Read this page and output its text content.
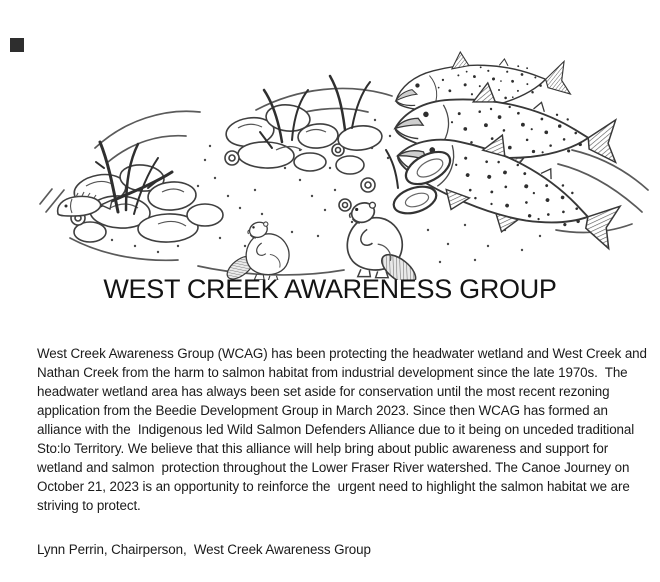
WEST CREEK AWARENESS GROUP
West Creek Awareness Group (WCAG) has been protecting the headwater wetland and West Creek and
Nathan Creek from the harm to salmon habitat from industrial development since the late 1970s.  The
headwater wetland area has always been set aside for conservation until the most recent rezoning
application from the Beedie Development Group in March 2023. Since then WCAG has formed an
alliance with the  Indigenous led Wild Salmon Defenders Alliance due to it being on unceded traditional
Sto:lo Territory. We believe that this alliance will help bring about public awareness and support for
wetland and salmon  protection throughout the Lower Fraser River watershed. The Canoe Journey on
October 21, 2023 is an opportunity to reinforce the  urgent need to highlight the salmon habitat we are
striving to protect.
Lynn Perrin, Chairperson,  West Creek Awareness Group
